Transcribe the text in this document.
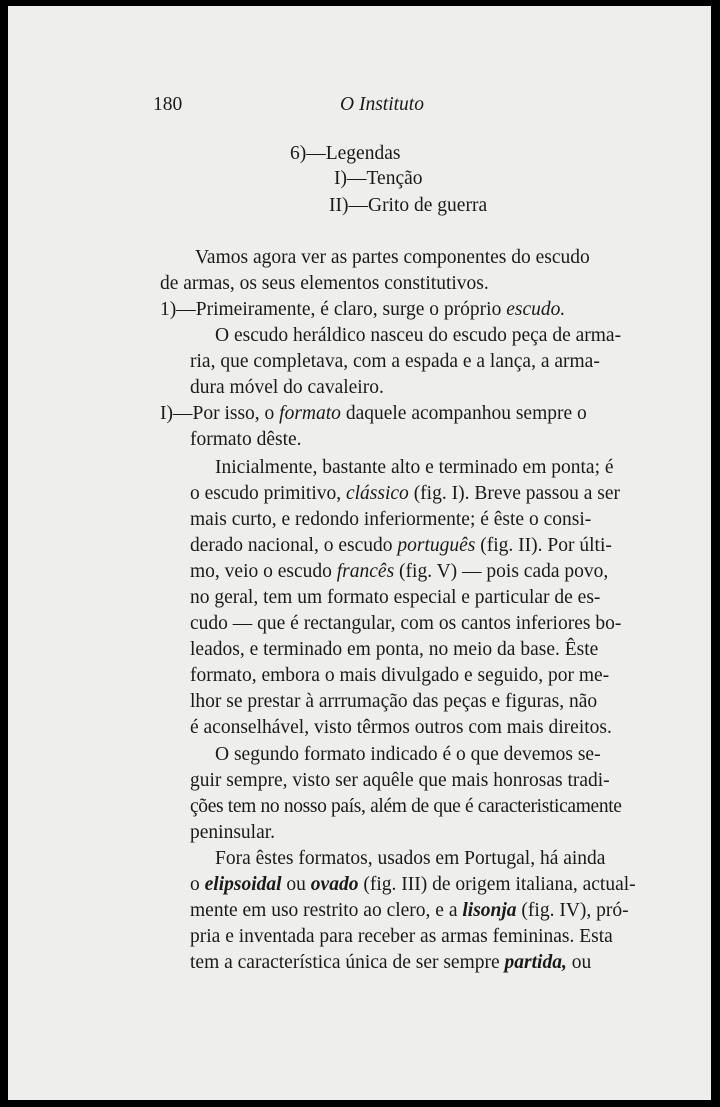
180	O Instituto
6)—Legendas
I)—Tenção
II)—Grito de guerra
Vamos agora ver as partes componentes do escudo
de armas, os seus elementos constitutivos.
1)—Primeiramente, é claro, surge o próprio escudo.
O escudo heráldico nasceu do escudo peça de arma-
ria, que completava, com a espada e a lança, a arma-
dura móvel do cavaleiro.
I)—Por isso, o formato daquele acompanhou sempre o
formato dêste.
Inicialmente, bastante alto e terminado em ponta; é
o escudo primitivo, clássico (fig. I). Breve passou a ser
mais curto, e redondo inferiormente; é êste o consi-
derado nacional, o escudo português (fig. II). Por últi-
mo, veio o escudo francês (fig. V) — pois cada povo,
no geral, tem um formato especial e particular de es-
cudo — que é rectangular, com os cantos inferiores bo-
leados, e terminado em ponta, no meio da base. Êste
formato, embora o mais divulgado e seguido, por me-
lhor se prestar à arrrumação das peças e figuras, não
é aconselhável, visto têrmos outros com mais direitos.
O segundo formato indicado é o que devemos se-
guir sempre, visto ser aquêle que mais honrosas tradi-
ções tem no nosso país, além de que é caracteristicamente
peninsular.
Fora êstes formatos, usados em Portugal, há ainda
o elipsoidal ou ovado (fig. III) de origem italiana, actual-
mente em uso restrito ao clero, e a lisonja (fig. IV), pró-
pria e inventada para receber as armas femininas. Esta
tem a característica única de ser sempre partida, ou
